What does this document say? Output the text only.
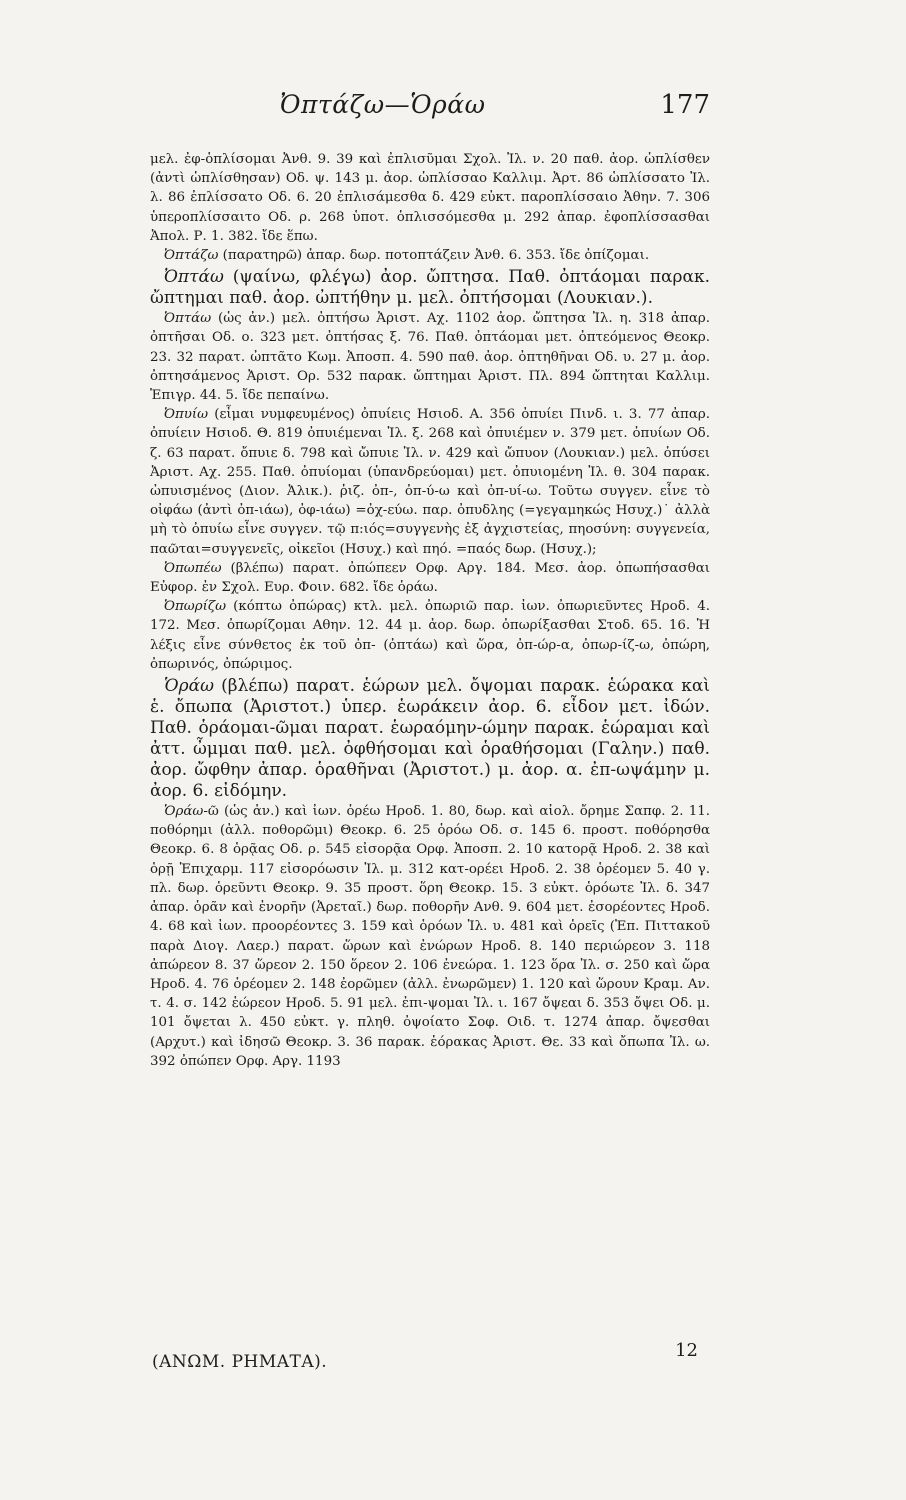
Ὀπτάζω—Ὁράω	177

μελ. ἐφ-ὁπλίσομαι Ἀνθ. 9. 39 καὶ ἐπλισῦμαι Σχολ. Ἰλ. ν. 20 παθ. ἀορ. ὡπλίσθεν (ἀντὶ ὡπλίσθησαν) Οδ. ψ. 143 μ. ἀορ. ὡπλίσσαο Καλλιμ. Ἀρτ. 86 ὡπλίσσατο Ἰλ. λ. 86 ἐπλίσσατο Οδ. 6. 20 ἐπλισάμεσθα δ. 429 εὐκτ. παροπλίσσαιο Ἀθην. 7. 306 ὑπεροπλίσσαιτο Οδ. ρ. 268 ὑποτ. ὁπλισσόμεσθα μ. 292 ἀπαρ. ἐφοπλίσσασθαι Ἀπολ. Ρ. 1. 382. ἴδε ἕπω.

Ὀπτάζω (παρατηρῶ) ἀπαρ. δωρ. ποτοπτάζειν Ἀνθ. 6. 353. ἴδε ὀπίζομαι.

Ὀπτάω (ψαίνω, φλέγω) ἀορ. ὤπτησα. Παθ. ὀπτάομαι παρακ. ὤπτημαι παθ. ἀορ. ὠπτήθην μ. μελ. ὀπτήσομαι (Λουκιαν.).

Ὀπτάω (ὡς ἀν.) μελ. ὀπτήσω Ἀριστ. Αχ. 1102 ἀορ. ὤπτησα Ἰλ. η. 318 ἀπαρ. ὀπτῆσαι Οδ. ο. 323 μετ. ὀπτήσας ξ. 76. Παθ. ὀπτάομαι μετ. ὀπτεόμενος Θεοκρ. 23. 32 παρατ. ὠπτᾶτο Κωμ. Ἀποσπ. 4. 590 παθ. ἀορ. ὀπτηθῆναι Οδ. υ. 27 μ. ἀορ. ὀπτησάμενος Ἀριστ. Ορ. 532 παρακ. ὤπτημαι Ἀριστ. Πλ. 894 ὤπτηται Καλλιμ. Ἐπιγρ. 44. 5. ἴδε πεπαίνω.

Ὀπυίω (εἶμαι νυμφευμένος) ὀπυίεις Ησιοδ. Α. 356 ὀπυίει Πινδ. ι. 3. 77 ἀπαρ. ὀπυίειν Ησιοδ. Θ. 819 ὀπυιέμεναι Ἰλ. ξ. 268 καὶ ὀπυιέμεν ν. 379 μετ. ὀπυίων Οδ. ζ. 63 παρατ. ὄπυιε δ. 798 καὶ ὤπυιε Ἰλ. ν. 429 καὶ ὤπυον (Λουκιαν.) μελ. ὀπύσει Ἀριστ. Αχ. 255. Παθ. ὀπυίομαι (ὑπανδρεύομαι) μετ. ὀπυιομένη Ἰλ. θ. 304 παρακ. ὠπυισμένος (Διον. Ἀλικ.). ῥιζ. ὀπ-, ὀπ-ύ-ω καὶ ὀπ-υί-ω. Τοῦτω συγγεν. εἶνε τὸ οἰφάω (ἀντὶ ὀπ-ιάω), ὀφ-ιάω) =ὀχ-εύω. παρ. ὀπυδλης (=γεγαμηκώς Ησυχ.)˙ ἀλλὰ μὴ τὸ ὀπυίω εἶνε συγγεν. τῷ π:ιός=συγγενὴς ἐξ ἀγχιστείας, πηοσύνη: συγγενεία, παῶται=συγγενεῖς, οἰκεῖοι (Ησυχ.) καὶ πηό. =παός δωρ. (Ησυχ.);

Ὀπωπέω (βλέπω) παρατ. ὀπώπεεν Ορφ. Αργ. 184. Μεσ. ἀορ. ὀπωπήσασθαι Εὐφορ. ἐν Σχολ. Ευρ. Φοιν. 682. ἴδε ὁράω.

Ὀπωρίζω (κόπτω ὀπώρας) κτλ. μελ. ὀπωριῶ παρ. ἰων. ὀπωριεῦντες Ηροδ. 4. 172. Μεσ. ὀπωρίζομαι Αθην. 12. 44 μ. ἀορ. δωρ. ὀπωρίξασθαι Στοδ. 65. 16. Ἡ λέξις εἶνε σύνθετος ἐκ τοῦ ὀπ- (ὀπτάω) καὶ ὥρα, ὀπ-ώρ-α, ὀπωρ-ίζ-ω, ὀπώρη, ὀπωρινός, ὀπώριμος.

Ὁράω (βλέπω) παρατ. ἑώρων μελ. ὄψομαι παρακ. ἑώρακα καὶ ἑ. ὄπωπα (Ἀριστοτ.) ὑπερ. ἑωράκειν ἀορ. 6. εἶδον μετ. ἰδών. Παθ. ὁράομαι-ῶμαι παρατ. ἑωραόμην-ώμην παρακ. ἑώραμαι καὶ ἀττ. ὦμμαι παθ. μελ. ὀφθήσομαι καὶ ὁραθήσομαι (Γαλην.) παθ. ἀορ. ὤφθην ἀπαρ. ὁραθῆναι (Ἀριστοτ.) μ. ἀορ. α. ἐπ-ωψάμην μ. ἀορ. 6. εἰδόμην.

Ὁράω-ῶ (ὡς ἀν.) καὶ ἰων. ὁρέω Ηροδ. 1. 80, δωρ. καὶ αἰολ. ὄρημε Σαπφ. 2. 11. ποθόρημι (ἀλλ. ποθορῶμι) Θεοκρ. 6. 25 ὁρόω Οδ. σ. 145 6. προστ. ποθόρησθα Θεοκρ. 6. 8 ὁρᾷας Οδ. ρ. 545 εἰσορᾷα Ορφ. Ἀποσπ. 2. 10 κατορᾷ Ηροδ. 2. 38 καὶ ὁρῇ Ἐπιχαρμ. 117 εἰσορόωσιν Ἰλ. μ. 312 κατ-ορέει Ηροδ. 2. 38 ὁρέομεν 5. 40 γ. πλ. δωρ. ὁρεῦντι Θεοκρ. 9. 35 προστ. ὅρη Θεοκρ. 15. 3 εὐκτ. ὁρόωτε Ἰλ. δ. 347 ἀπαρ. ὁρᾶν καὶ ἐνορῆν (Ἀρεταῖ.) δωρ. ποθορῆν Ανθ. 9. 604 μετ. ἐσορέοντες Ηροδ. 4. 68 καὶ ἰων. προορέοντες 3. 159 καὶ ὁρόων Ἰλ. υ. 481 καὶ ὁρεῖς (Ἐπ. Πιττακοῦ παρὰ Διογ. Λαερ.) παρατ. ὥρων καὶ ἐνώρων Ηροδ. 8. 140 περιώρεον 3. 118 ἀπώρεον 8. 37 ὥρεον 2. 150 ὅρεον 2. 106 ἐνεώρα. 1. 123 ὅρα Ἰλ. σ. 250 καὶ ὥρα Ηροδ. 4. 76 ὁρέομεν 2. 148 ἐορῶμεν (ἀλλ. ἐνωρῶμεν) 1. 120 καὶ ὥρουν Κραμ. Αν. τ. 4. σ. 142 ἑώρεον Ηροδ. 5. 91 μελ. ἐπι-ψομαι Ἰλ. ι. 167 ὄψεαι δ. 353 ὄψει Οδ. μ. 101 ὄψεται λ. 450 εὐκτ. γ. πληθ. ὀψοίατο Σοφ. Οιδ. τ. 1274 ἀπαρ. ὄψεσθαι (Αρχυτ.) καὶ ἰδησῶ Θεοκρ. 3. 36 παρακ. ἑόρακας Ἀριστ. Θε. 33 καὶ ὄπωπα Ἰλ. ω. 392 ὀπώπεν Ορφ. Αργ. 1193

(ΑΝΩΜ. ΡΗΜΑΤΑ).
12
